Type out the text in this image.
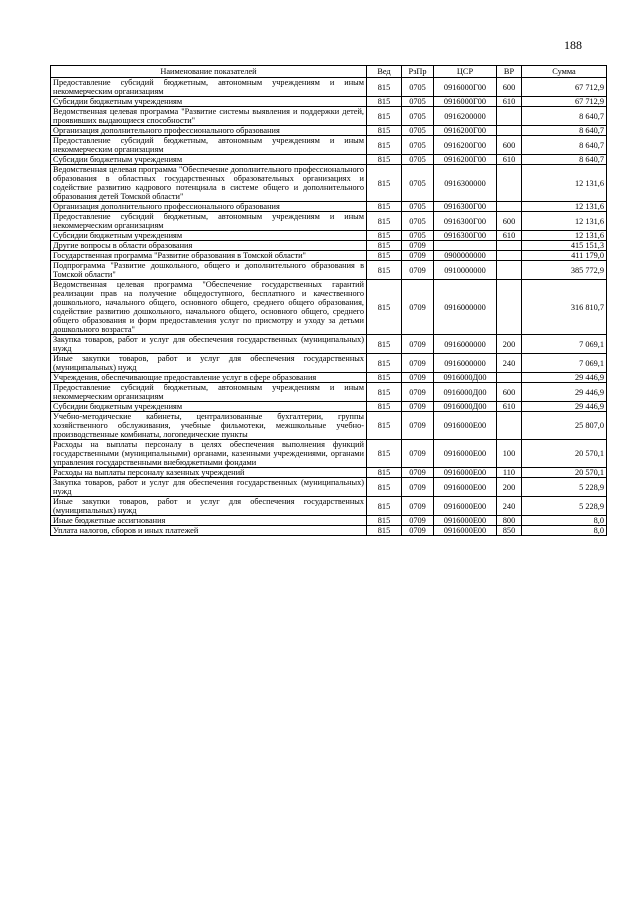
188
Наименование показателей	Вед	РзПр	ЦСР	ВР	Сумма
Предоставление субсидий бюджетным, автономным учреждениям и иным некоммерческим организациям	815	0705	0916000Г00	600	67 712,9
Субсидии бюджетным учреждениям	815	0705	0916000Г00	610	67 712,9
Ведомственная целевая программа "Развитие системы выявления и поддержки детей, проявивших выдающиеся способности"	815	0705	0916200000		8 640,7
Организация дополнительного профессионального образования	815	0705	0916200Г00		8 640,7
Предоставление субсидий бюджетным, автономным учреждениям и иным некоммерческим организациям	815	0705	0916200Г00	600	8 640,7
Субсидии бюджетным учреждениям	815	0705	0916200Г00	610	8 640,7
Ведомственная целевая программа "Обеспечение дополнительного профессионального образования в областных государственных образовательных организациях и содействие развитию кадрового потенциала в системе общего и дополнительного образования детей Томской области"	815	0705	0916300000		12 131,6
Организация дополнительного профессионального образования	815	0705	0916300Г00		12 131,6
Предоставление субсидий бюджетным, автономным учреждениям и иным некоммерческим организациям	815	0705	0916300Г00	600	12 131,6
Субсидии бюджетным учреждениям	815	0705	0916300Г00	610	12 131,6
Другие вопросы в области образования	815	0709			415 151,3
Государственная программа "Развитие образования в Томской области"	815	0709	0900000000		411 179,0
Подпрограмма "Развитие дошкольного, общего и дополнительного образования в Томской области"	815	0709	0910000000		385 772,9
Ведомственная целевая программа "Обеспечение государственных гарантий реализации прав на получение общедоступного, бесплатного и качественного дошкольного, начального общего, основного общего, среднего общего образования, содействие развитию дошкольного, начального общего, основного общего, среднего общего образования и форм предоставления услуг по присмотру и уходу за детьми дошкольного возраста"	815	0709	0916000000		316 810,7
Закупка товаров, работ и услуг для обеспечения государственных (муниципальных) нужд	815	0709	0916000000	200	7 069,1
Иные закупки товаров, работ и услуг для обеспечения государственных (муниципальных) нужд	815	0709	0916000000	240	7 069,1
Учреждения, обеспечивающие предоставление услуг в сфере образования	815	0709	0916000Д00		29 446,9
Предоставление субсидий бюджетным, автономным учреждениям и иным некоммерческим организациям	815	0709	0916000Д00	600	29 446,9
Субсидии бюджетным учреждениям	815	0709	0916000Д00	610	29 446,9
Учебно-методические кабинеты, централизованные бухгалтерии, группы хозяйственного обслуживания, учебные фильмотеки, межшкольные учебно-производственные комбинаты, логопедические пункты	815	0709	0916000Е00		25 807,0
Расходы на выплаты персоналу в целях обеспечения выполнения функций государственными (муниципальными) органами, казенными учреждениями, органами управления государственными внебюджетными фондами	815	0709	0916000Е00	100	20 570,1
Расходы на выплаты персоналу казенных учреждений	815	0709	0916000Е00	110	20 570,1
Закупка товаров, работ и услуг для обеспечения государственных (муниципальных) нужд	815	0709	0916000Е00	200	5 228,9
Иные закупки товаров, работ и услуг для обеспечения государственных (муниципальных) нужд	815	0709	0916000Е00	240	5 228,9
Иные бюджетные ассигнования	815	0709	0916000Е00	800	8,0
Уплата налогов, сборов и иных платежей	815	0709	0916000Е00	850	8,0
